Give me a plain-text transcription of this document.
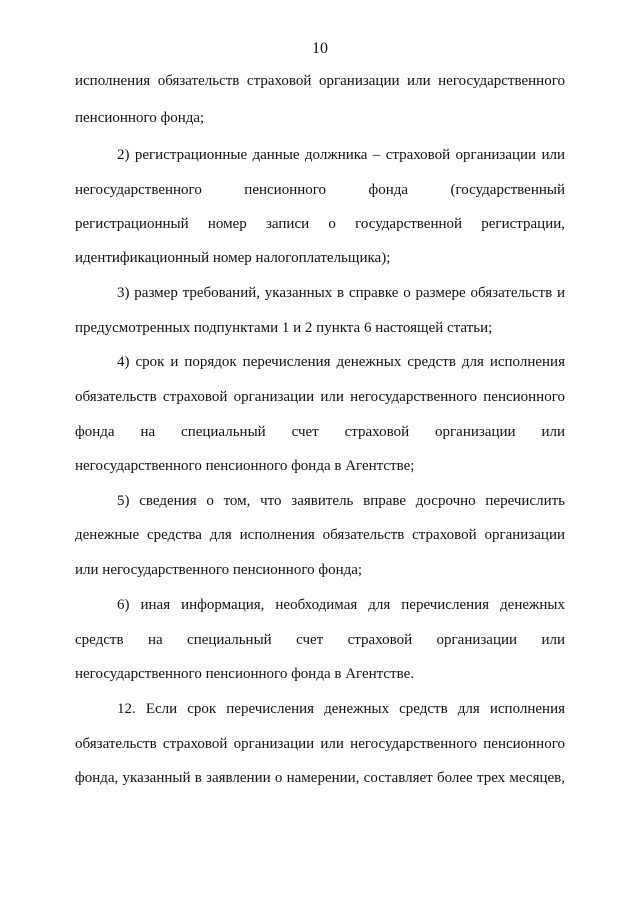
10
исполнения обязательств страховой организации или негосударственного
пенсионного фонда;
2) регистрационные данные должника – страховой организации или
негосударственного пенсионного фонда (государственный
регистрационный номер записи о государственной регистрации,
идентификационный номер налогоплательщика);
3) размер требований, указанных в справке о размере обязательств и
предусмотренных подпунктами 1 и 2 пункта 6 настоящей статьи;
4) срок и порядок перечисления денежных средств для исполнения
обязательств страховой организации или негосударственного пенсионного
фонда на специальный счет страховой организации или
негосударственного пенсионного фонда в Агентстве;
5) сведения о том, что заявитель вправе досрочно перечислить
денежные средства для исполнения обязательств страховой организации
или негосударственного пенсионного фонда;
6) иная информация, необходимая для перечисления денежных
средств на специальный счет страховой организации или
негосударственного пенсионного фонда в Агентстве.
12. Если срок перечисления денежных средств для исполнения
обязательств страховой организации или негосударственного пенсионного
фонда, указанный в заявлении о намерении, составляет более трех месяцев,
